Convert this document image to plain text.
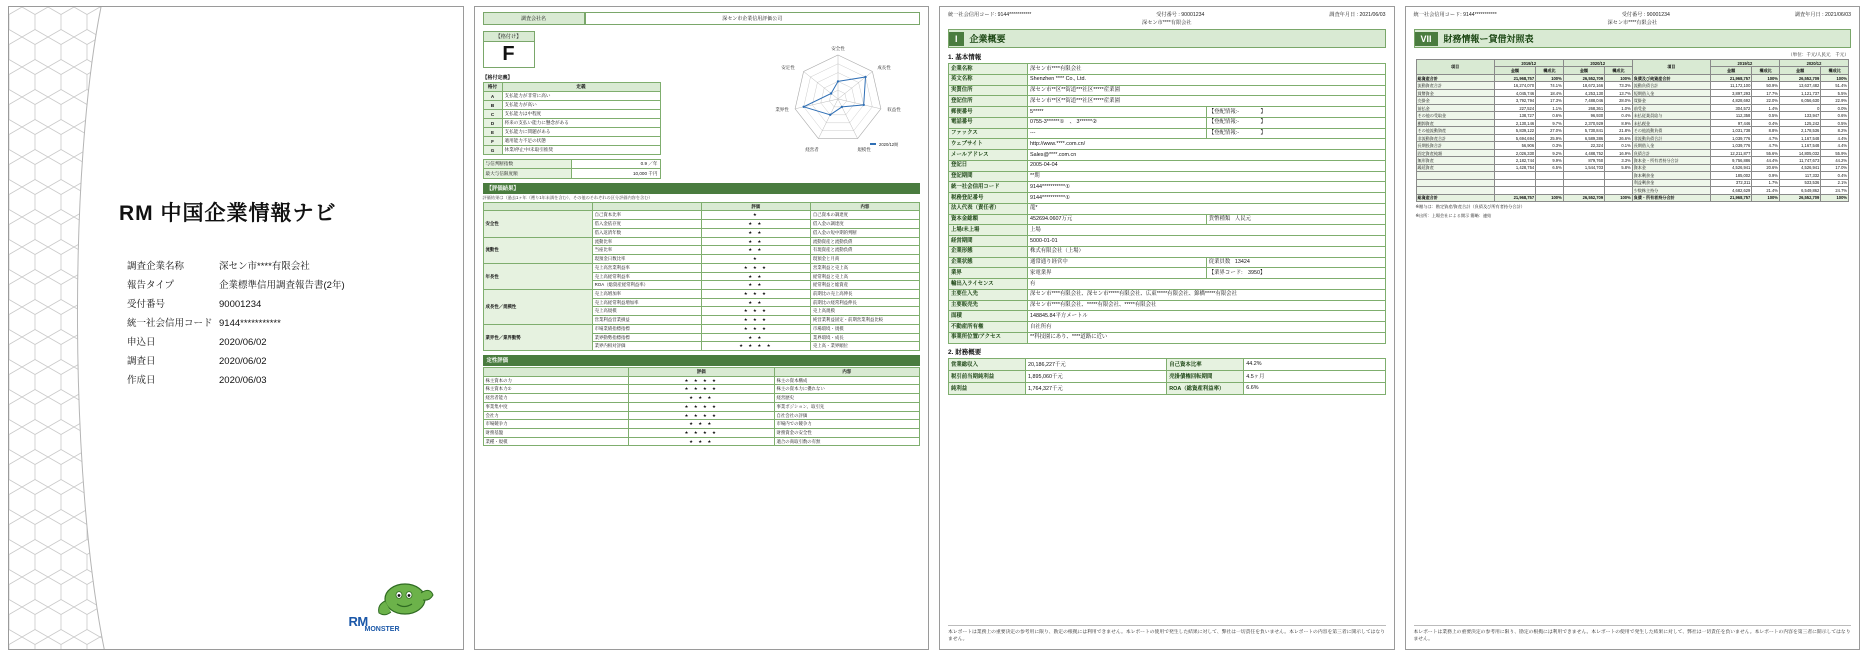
RM 中国企業情報ナビ
調査企業名称	深セン市****有限会社
報告タイプ	企業標準信用調査報告書(2年)
受付番号	90001234
統一社会信用コード 9144***********
申込日	2020/06/02
調査日	2020/06/02
作成日	2020/06/03
RM
MONSTER
調査会社名	深セン市企業信用評価公司
【格付け】
F
【格付定義】
格付	定義
A	支払能力が非常に高い
B	支払能力が高い
C	支払能力は中程度
D	将来の支払い能力に懸念がある
E	支払能力に問題がある
F	適用能力不足の状態
G	休業/停止中/未取引推奨
与信判断指数	0.9 ／年
最大与信限度額	10,000 千円
安全性
成長性
収益性
規模性
経営者
業界性
安定性
2020/12期
【評価結果】
評価結果は（過去1ヶ年（遡り1年未満を含む）、その他のそれぞれの区分評価内容を含む）
		評価	内容
安全性	自己資本比率	★	自己資本の調達度
	借入金依存度	★ ★	借入金の調達度
	借入返済年数	★ ★	借入金の短中期的判断
流動性	流動比率	★ ★	流動資産と流動負債
	当座比率	★ ★	有現資産と流動負債
	現預金日数比率	★	現預金と月商
年長性	売上高営業利益率	★ ★ ★	営業利益と売上高
	売上高経常利益率	★ ★	経常利益と売上高
	ROA（総資産経常利益率）	★ ★	経常利益と総資産
成長性／規模性	売上高増加率	★ ★ ★	前期比の売上高伸長
	売上高経常利益増加率	★ ★	前期比の経常利益伸長
	売上高規模	★ ★ ★	売上高規模
	営業利益営業損益	★ ★ ★	純営業利益固定・前期営業利益比較
業界性／業界動勢	市場業績指標指標	★ ★ ★	市場環境・規模
	業界動勢指標指標	★ ★	業界環境・成長
	業界内相対評価	★ ★ ★ ★	売上高・業界順位
定性評価
	評価	内容
株主資本の力	★ ★ ★ ★	株主の資本構成
株主資本力②	★ ★ ★ ★	株主の資本力に優れない
経営者能力	★ ★ ★	経営歴史
事業集中度	★ ★ ★ ★	事業ポジション、取引先
会社力	★ ★ ★ ★	自社会社の評価
市場競争力	★ ★ ★	市場内での競争力
財務基盤	★ ★ ★ ★	財務資金の安全性
業種・規模	★ ★ ★	適合の商取引数の有無
統一社会信用コード: 9144***********	受付番号 : 90001234	調査年月日 : 2021/06/03
深セン市****有限会社
I	企業概要
1. 基本情報
企業名称	深セン市****有限会社	
英文名称	Shenzhen **** Co., Ltd.	
実質住所	深セン市**区**街道***社区*****産業園	
登記住所	深セン市**区**街道***社区*****産業園	
郵便番号	5*****	【登配情報:-　　　　】
電話番号	0755-3******①　、 3******②	【登配情報:-　　　　】
ファックス	---	【登配情報:-　　　　】
ウェブサイト	http://www.****.com.cn/	
メールアドレス	Sales@****.com.cn	
登記日	2005-04-04	
登記期間	**期	
統一社会信用コード	9144***********①	
税務登記番号	9144***********①	
法人代表（責任者）	龍*	
資本金総額	452694.0607万元	貨幣種類 人民元
上場/未上場	上場	
経営期間	5000-01-01	
企業形態	株式有限会社（上場）	
企業状態	通常通り経営中	従業員数 13424
業界	家電業界	【業界コード:　3950】
輸出入ライセンス	有	
主要仕入先	深セン市****有限会社、深セン市*****有限会社、広東*****有限会社、錦橋*****有限会社	
主要販売先	深セン市****有限会社、*****有限会社、*****有限会社	
面積	148845.84平方メートル	
不動産所有権	自社所有	
事業所位置/アクセス	**科技園にあり、****道路に近い	
2. 財務概要
営業総収入	20,186,227千元	自己資本比率	44.2%
税引前当期純利益	1,895,060千元	売掛債権回転期間	4.5ヶ月
純利益	1,764,327千元	ROA（総資産利益率）	6.6%
本レポートは業務上の重要決定の参考用に限り、勘定の根拠には利用できません。本レポートの使用で発生した結果に対して、弊社は一切責任を負いません。本レポートの内容を第三者に開示してはなりません。
統一社会信用コード: 9144***********	受付番号 : 90001234	調査年月日 : 2021/06/03
深セン市****有限会社
VII	財務情報ー貸借対照表
（単位：千元/人民元　千元）
項目	2019/12		2020/12		項目	2019/12		2020/12	
	金額	構成比	金額	構成比		金額	構成比	金額	構成比
総資産合計	21,968,757	100%	26,552,709	100%	負債及び純資産合計	21,968,757	100%	26,552,709	100%
流動資産合計	16,274,070	74.1%	18,672,166	73.3%	流動負債合計	11,172,100	50.9%	13,637,482	51.4%
貨幣資金	4,045,746	18.4%	4,253,130	13.7%	短期借入金	3,897,293	17.7%	1,121,737	5.5%
売掛金	3,792,794	17.3%	7,488,046	28.0%	買掛金	4,828,692	22.0%	6,056,630	22.9%
前払金	227,524	1.1%	268,361	1.0%	前受金	304,572	1.4%	0	0.0%
その他の受取金	138,727	0.6%	96,930	0.4%	未払従業員給与	112,358	0.5%	133,947	0.6%
棚卸資産	2,130,146	9.7%	2,370,929	8.9%	未払税金	97,446	0.4%	125,242	0.5%
その他流動資産	5,839,122	27.0%	5,730,841	21.8%	その他流動負債	1,031,738	8.8%	2,178,536	8.2%
非流動資産合計	5,694,694	25.9%	6,589,386	26.6%	非流動負債合計	1,039,776	4.7%	1,167,548	4.4%
長期投資合計	56,906	0.3%	22,324	0.1%	長期借入金	1,039,776	4.7%	1,167,548	4.4%
固定資産純額	2,026,330	9.2%	4,488,752	16.9%	負債合計	12,211,877	55.6%	14,805,032	55.9%
無形資産	2,182,744	9.9%	879,760	3.3%	資本金・所有者持分合計	9,756,886	44.4%	11,747,673	44.2%
繰延資産	1,428,754	6.5%	1,544,703	5.8%	資本金	4,526,941	20.6%	4,526,941	17.0%
					資本剰余金	185,002	0.9%	117,332	0.4%
					利益剰余金	372,311	1.7%	533,536	2.1%
					少数株主持分	4,682,629	21.4%	6,549,862	24.7%
総資産合計	21,968,757	100%	26,552,709	100%	負債・所有者持分合計	21,968,757	100%	26,552,709	100%
※贈与は：勘定資産/資産合計（負債及び所有者持分合計）
※出所：上場会社による開示 簡略：連結
本レポートは業務上の重要決定の参考用に限り、勘定の根拠には利用できません。本レポートの使用で発生した結果に対して、弊社は一切責任を負いません。本レポートの内容を第三者に開示してはなりません。
